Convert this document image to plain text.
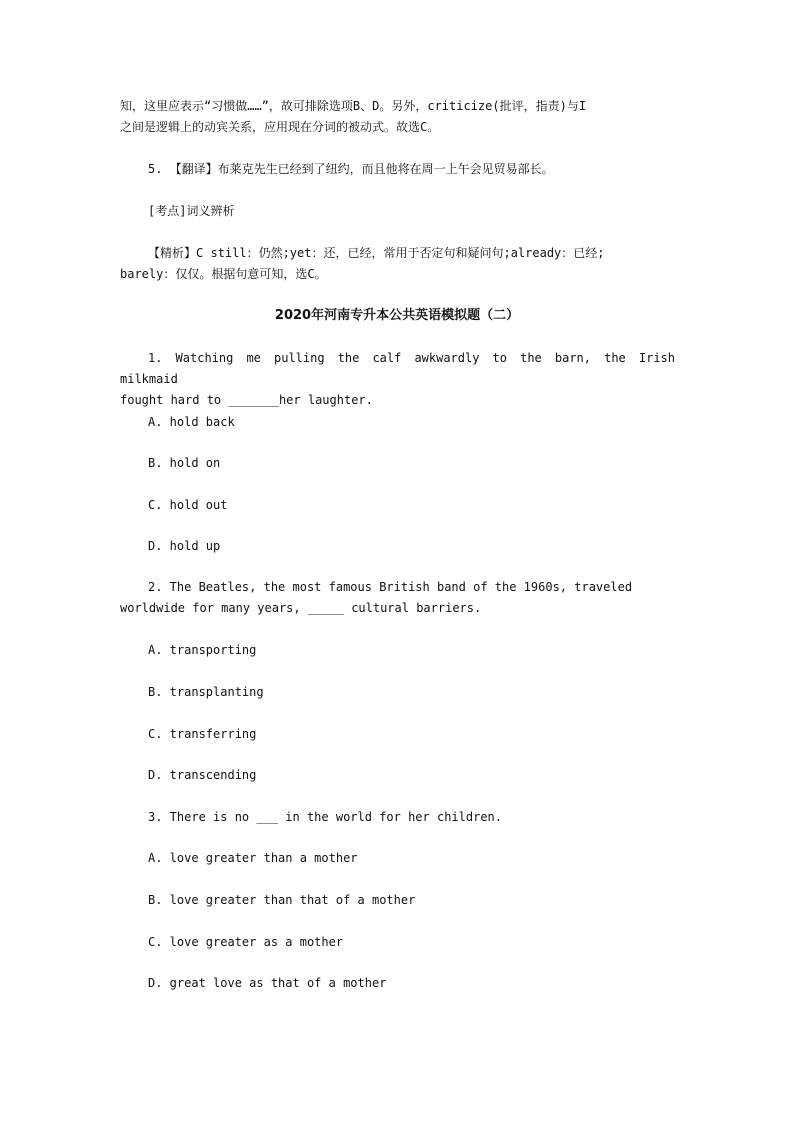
知，这里应表示“习惯做……”，故可排除选项B、D。另外，criticize(批评，指责)与I
之间是逻辑上的动宾关系，应用现在分词的被动式。故选C。
5. 【翻译】布莱克先生已经到了纽约，而且他将在周一上午会见贸易部长。
[考点]词义辨析
【精析】C still：仍然;yet：还，已经，常用于否定句和疑问句;already：已经;
barely：仅仅。根据句意可知，选C。
2020年河南专升本公共英语模拟题（二）
1. Watching me pulling the calf awkwardly to the barn, the Irish milkmaid
fought hard to _______her laughter.
A. hold back
B. hold on
C. hold out
D. hold up
2. The Beatles, the most famous British band of the 1960s, traveled
worldwide for many years, _____ cultural barriers.
A. transporting
B. transplanting
C. transferring
D. transcending
3. There is no ___ in the world for her children.
A. love greater than a mother
B. love greater than that of a mother
C. love greater as a mother
D. great love as that of a mother
